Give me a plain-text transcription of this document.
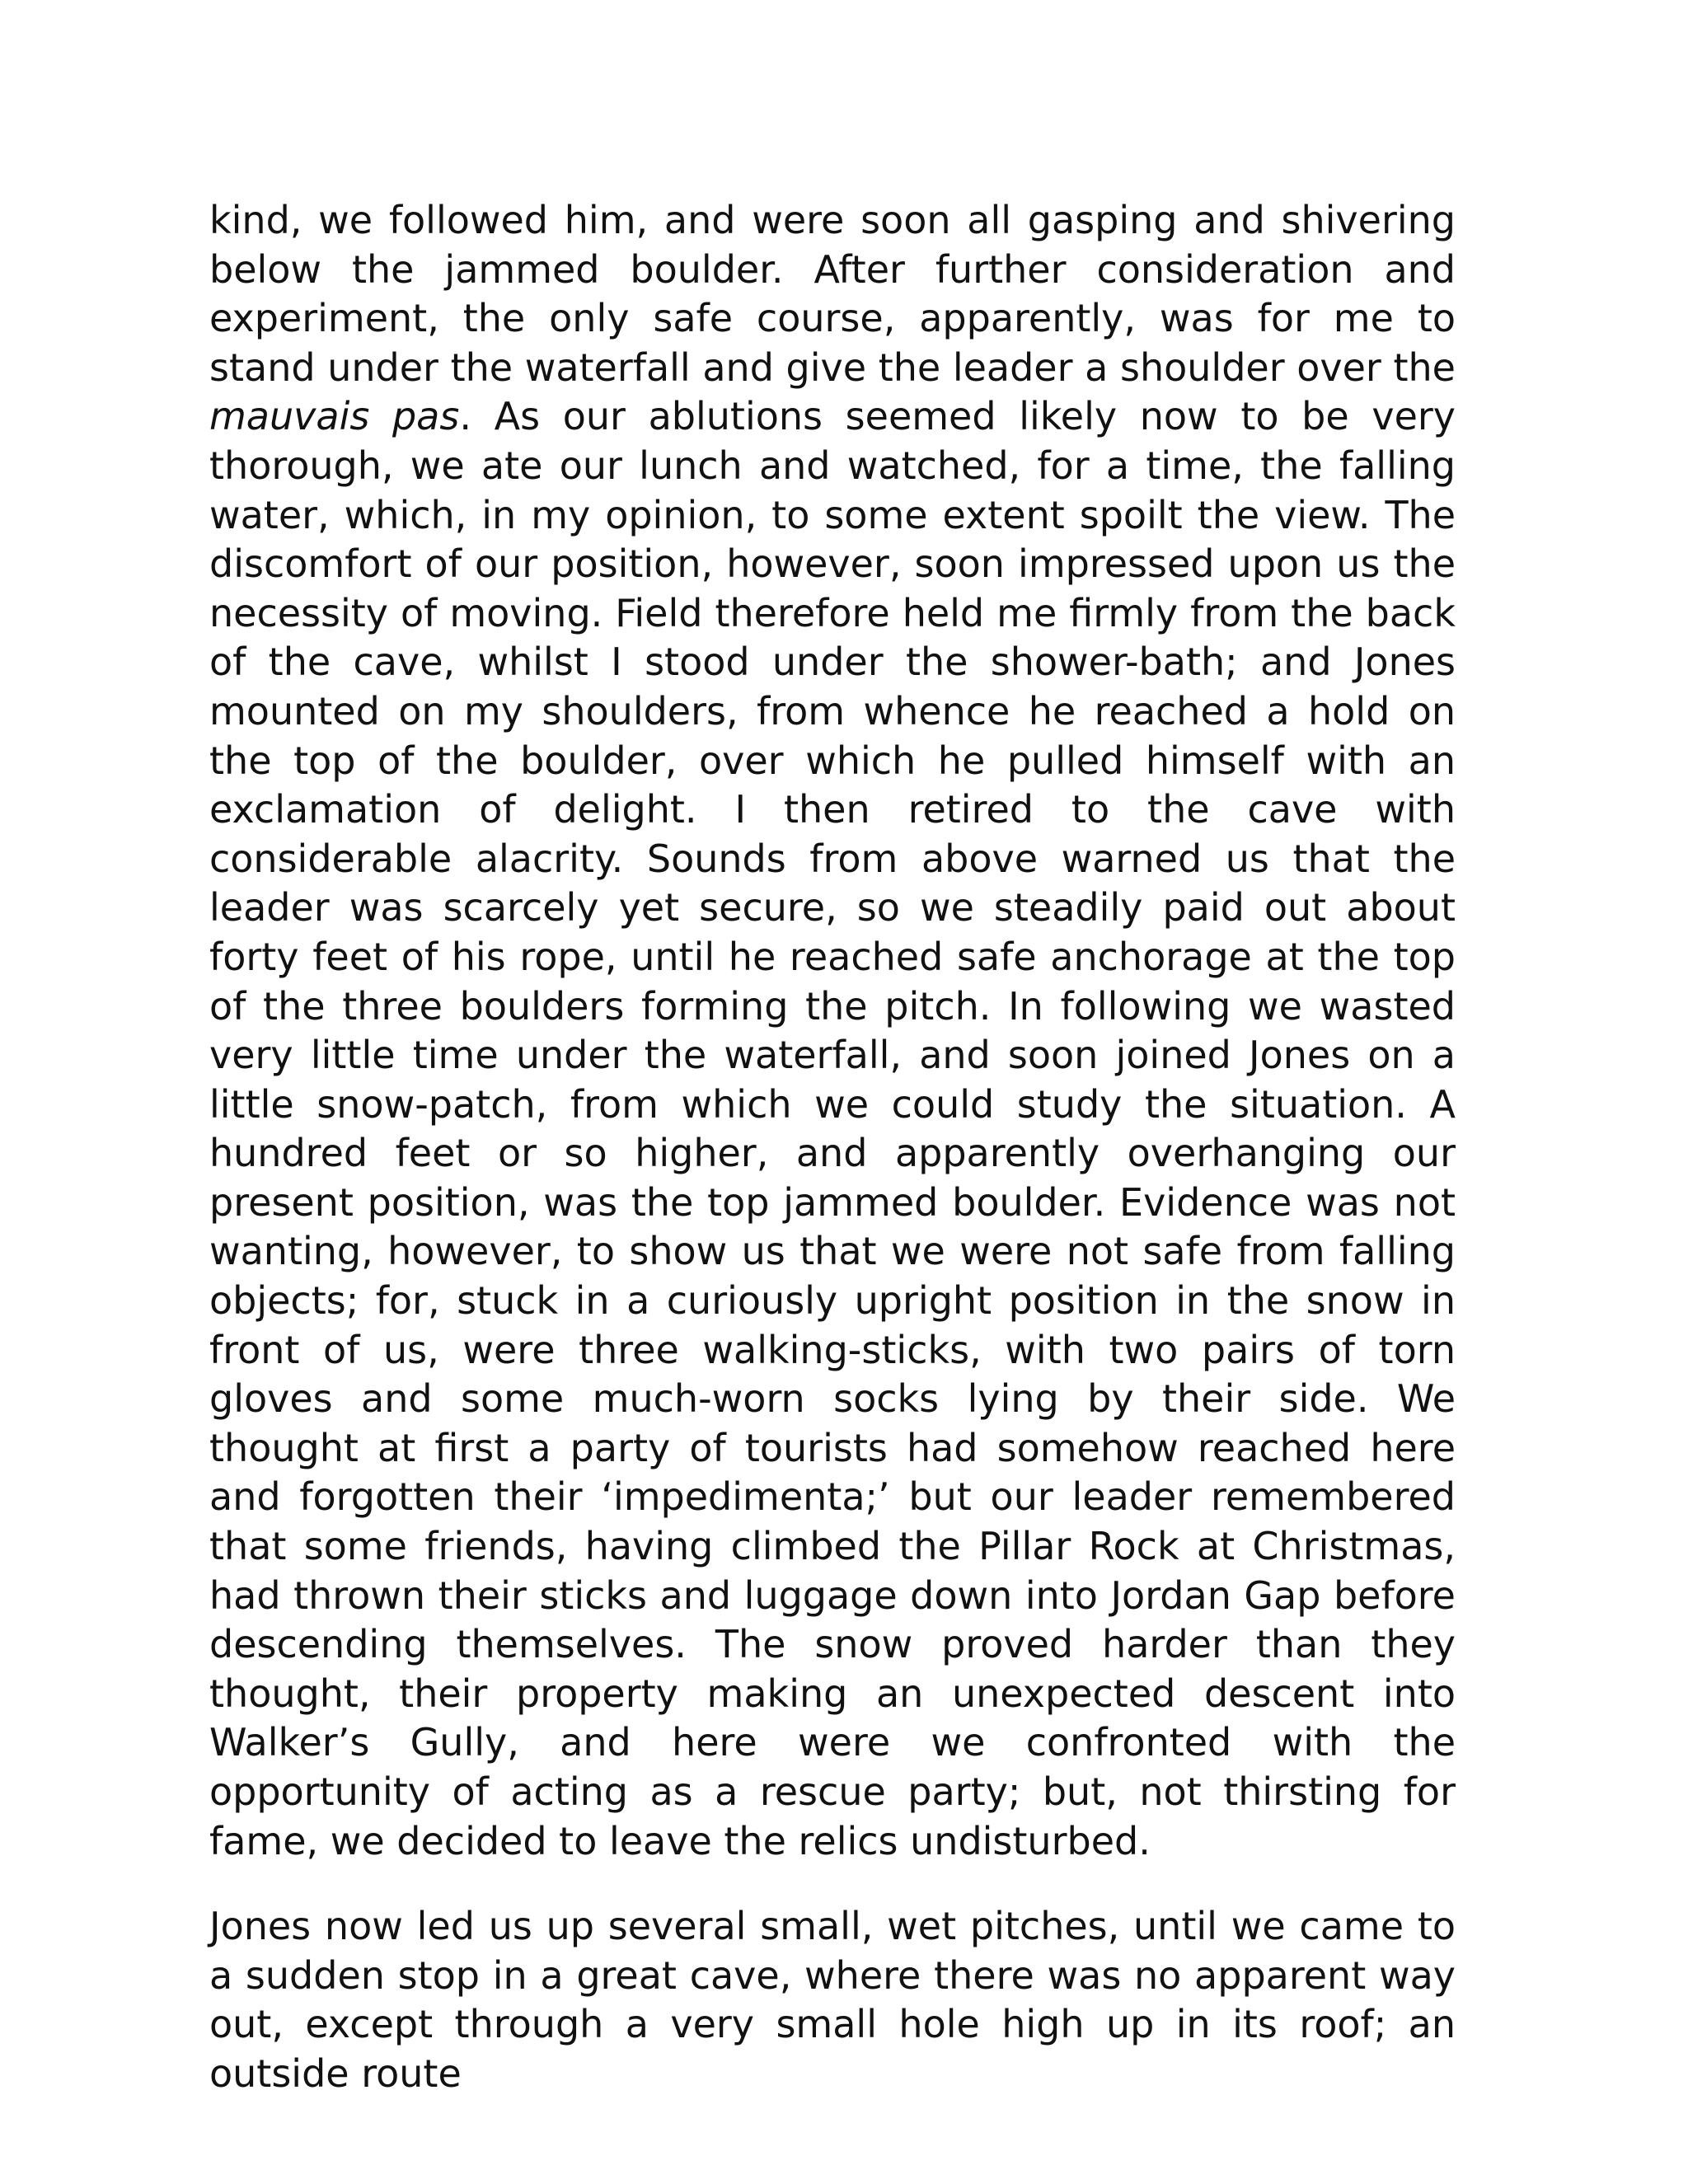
kind, we followed him, and were soon all gasping and shivering below the jammed boulder. After further consideration and experiment, the only safe course, apparently, was for me to stand under the waterfall and give the leader a shoulder over the mauvais pas. As our ablutions seemed likely now to be very thorough, we ate our lunch and watched, for a time, the falling water, which, in my opinion, to some extent spoilt the view. The discomfort of our position, however, soon impressed upon us the necessity of moving. Field therefore held me firmly from the back of the cave, whilst I stood under the shower-bath; and Jones mounted on my shoulders, from whence he reached a hold on the top of the boulder, over which he pulled himself with an exclamation of delight. I then retired to the cave with considerable alacrity. Sounds from above warned us that the leader was scarcely yet secure, so we steadily paid out about forty feet of his rope, until he reached safe anchorage at the top of the three boulders forming the pitch. In following we wasted very little time under the waterfall, and soon joined Jones on a little snow-patch, from which we could study the situation. A hundred feet or so higher, and apparently overhanging our present position, was the top jammed boulder. Evidence was not wanting, however, to show us that we were not safe from falling objects; for, stuck in a curiously upright position in the snow in front of us, were three walking-sticks, with two pairs of torn gloves and some much-worn socks lying by their side. We thought at first a party of tourists had somehow reached here and forgotten their ‘impedimenta;’ but our leader remembered that some friends, having climbed the Pillar Rock at Christmas, had thrown their sticks and luggage down into Jordan Gap before descending themselves. The snow proved harder than they thought, their property making an unexpected descent into Walker’s Gully, and here were we confronted with the opportunity of acting as a rescue party; but, not thirsting for fame, we decided to leave the relics undisturbed.

Jones now led us up several small, wet pitches, until we came to a sudden stop in a great cave, where there was no apparent way out, except through a very small hole high up in its roof; an outside route
